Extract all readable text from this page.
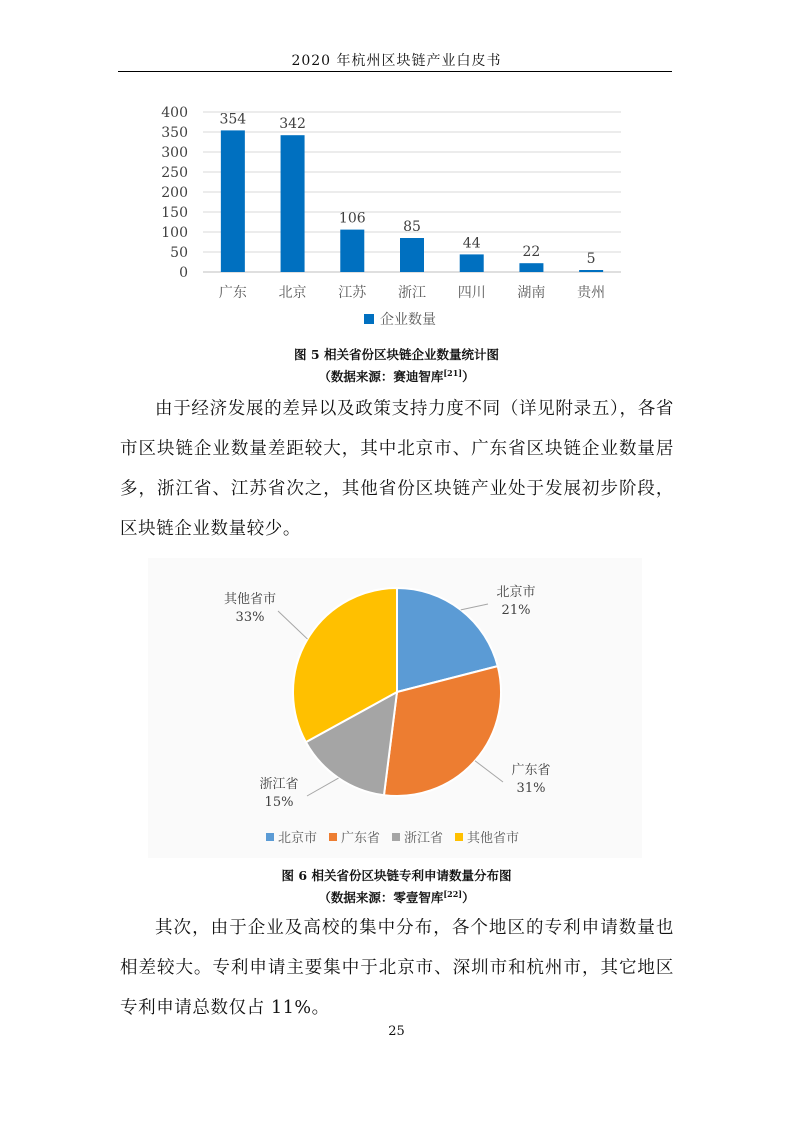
2020 年杭州区块链产业白皮书
0
50
100
150
200
250
300
350
400 354
广东
342
北京
106
江苏
85
浙江
44
四川
22
湖南
5
贵州
企业数量
图 5 相关省份区块链企业数量统计图
（数据来源：赛迪智库[21]）
由于经济发展的差异以及政策支持力度不同（详见附录五），各省市区块链企业数量差距较大，其中北京市、广东省区块链企业数量居多，浙江省、江苏省次之，其他省份区块链产业处于发展初步阶段，区块链企业数量较少。
北京市
21%
广东省
31%
浙江省
15%
其他省市
33%
北京市 广东省 浙江省 其他省市
图 6 相关省份区块链专利申请数量分布图
（数据来源：零壹智库[22]）
其次，由于企业及高校的集中分布，各个地区的专利申请数量也相差较大。专利申请主要集中于北京市、深圳市和杭州市，其它地区专利申请总数仅占 11%。
25
